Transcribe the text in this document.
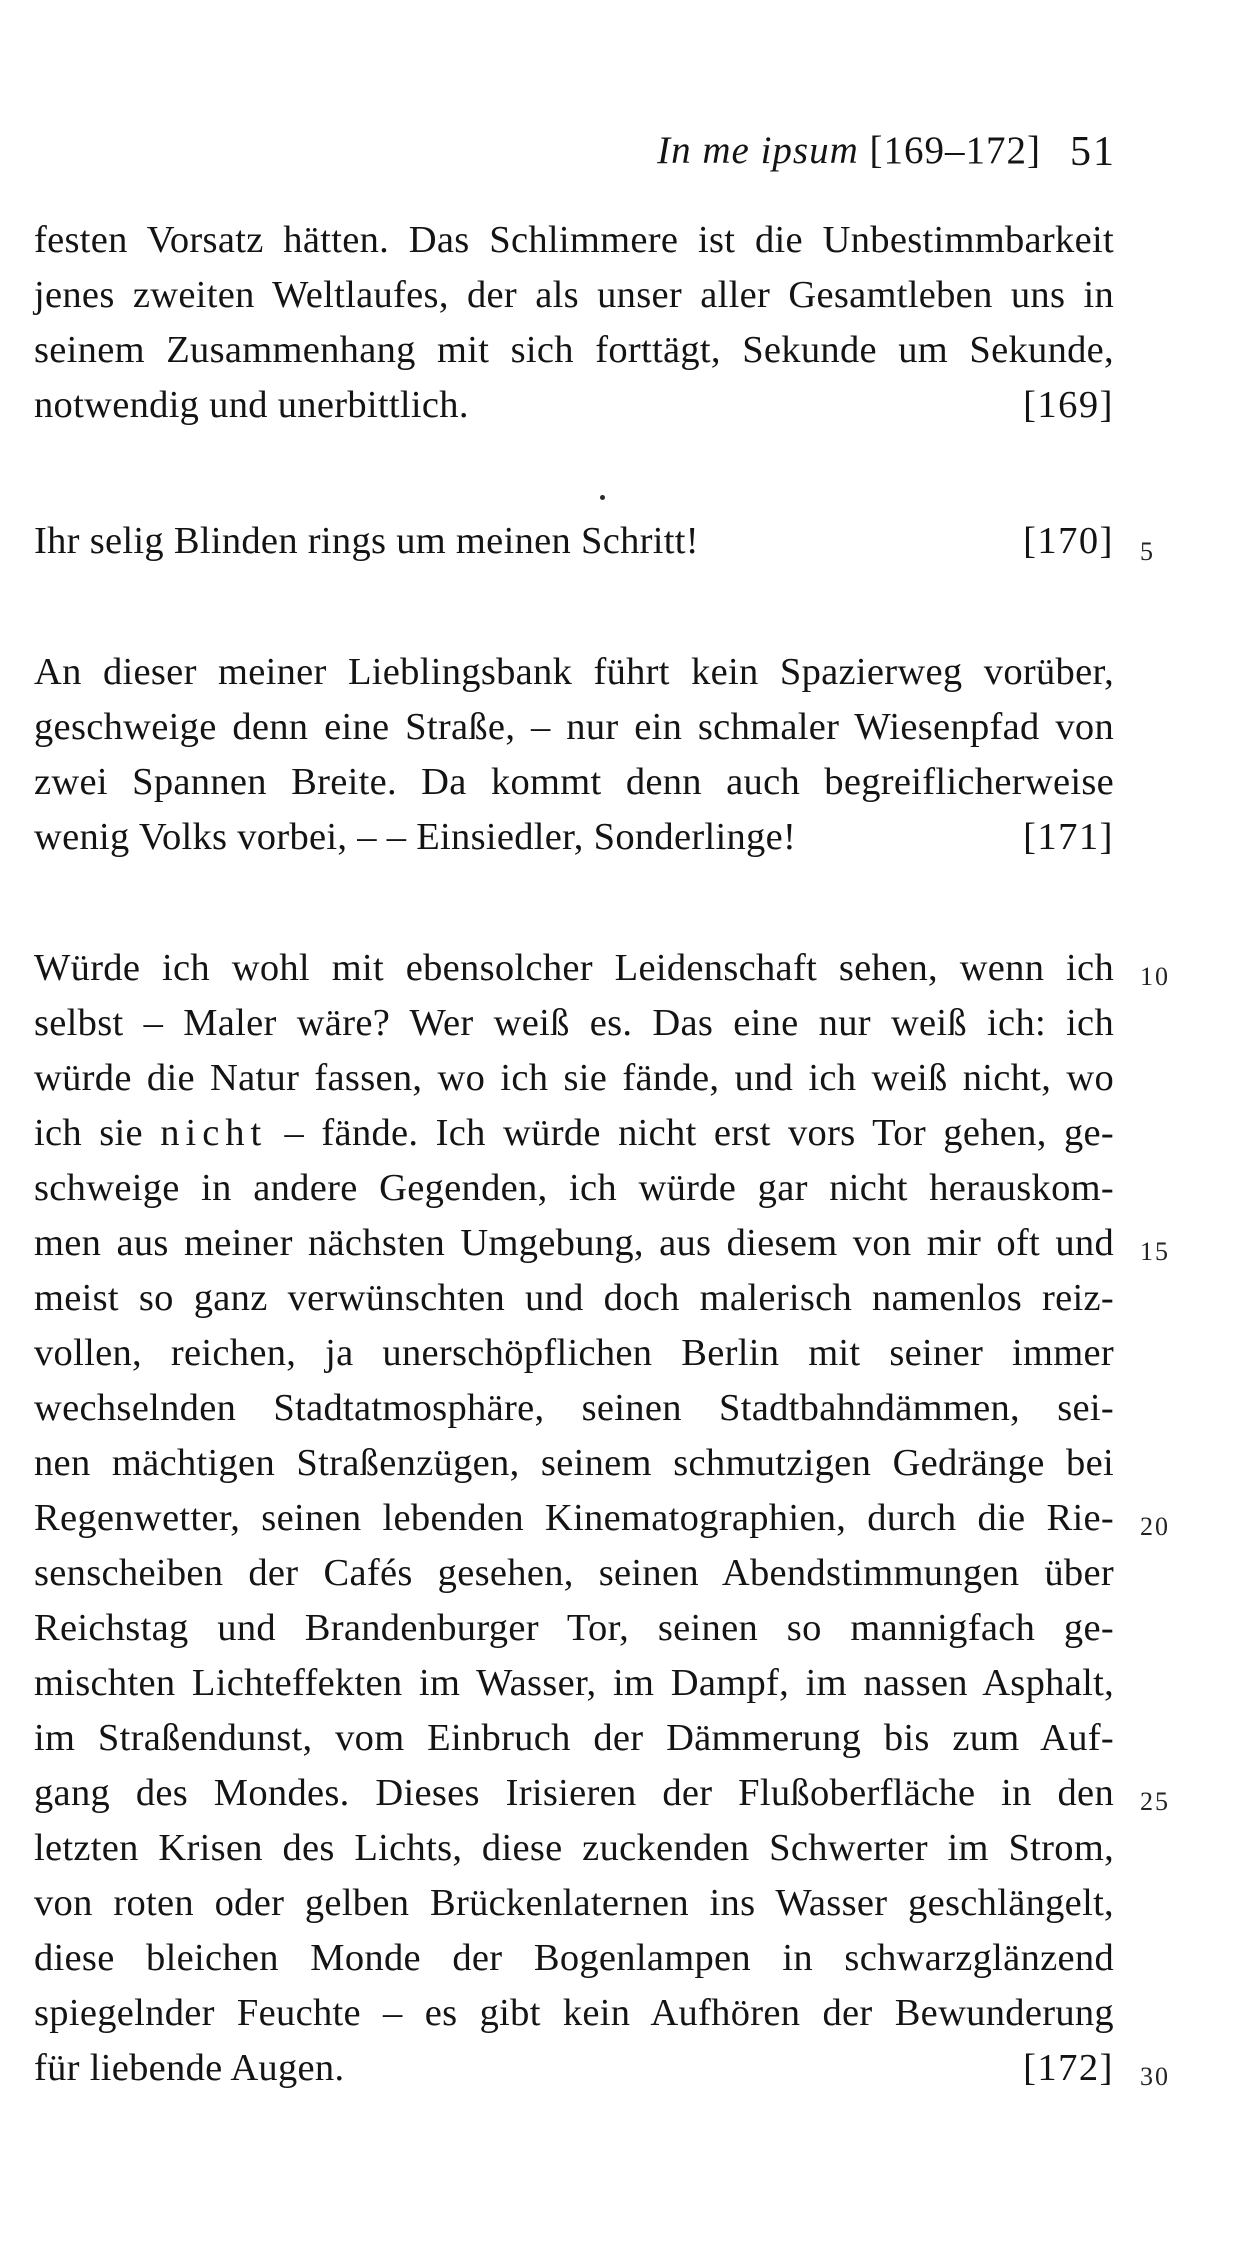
In me ipsum [169–172] 51
festen Vorsatz hätten. Das Schlimmere ist die Unbestimmbarkeit
jenes zweiten Weltlaufes, der als unser aller Gesamtleben uns in
seinem Zusammenhang mit sich forttägt, Sekunde um Sekunde,
notwendig und unerbittlich.	[169]
Ihr selig Blinden rings um meinen Schritt!	[170]
An dieser meiner Lieblingsbank führt kein Spazierweg vorüber,
geschweige denn eine Straße, – nur ein schmaler Wiesenpfad von
zwei Spannen Breite. Da kommt denn auch begreiflicherweise
wenig Volks vorbei, – – Einsiedler, Sonderlinge!	[171]
Würde ich wohl mit ebensolcher Leidenschaft sehen, wenn ich
selbst – Maler wäre? Wer weiß es. Das eine nur weiß ich: ich
würde die Natur fassen, wo ich sie fände, und ich weiß nicht, wo
ich sie nicht – fände. Ich würde nicht erst vors Tor gehen, ge-
schweige in andere Gegenden, ich würde gar nicht herauskom-
men aus meiner nächsten Umgebung, aus diesem von mir oft und
meist so ganz verwünschten und doch malerisch namenlos reiz-
vollen, reichen, ja unerschöpflichen Berlin mit seiner immer
wechselnden Stadtatmosphäre, seinen Stadtbahndämmen, sei-
nen mächtigen Straßenzügen, seinem schmutzigen Gedränge bei
Regenwetter, seinen lebenden Kinematographien, durch die Rie-
senscheiben der Cafés gesehen, seinen Abendstimmungen über
Reichstag und Brandenburger Tor, seinen so mannigfach ge-
mischten Lichteffekten im Wasser, im Dampf, im nassen Asphalt,
im Straßendunst, vom Einbruch der Dämmerung bis zum Auf-
gang des Mondes. Dieses Irisieren der Flußoberfläche in den
letzten Krisen des Lichts, diese zuckenden Schwerter im Strom,
von roten oder gelben Brückenlaternen ins Wasser geschlängelt,
diese bleichen Monde der Bogenlampen in schwarzglänzend
spiegelnder Feuchte – es gibt kein Aufhören der Bewunderung
für liebende Augen.	[172]
5
10
15
20
25
30
